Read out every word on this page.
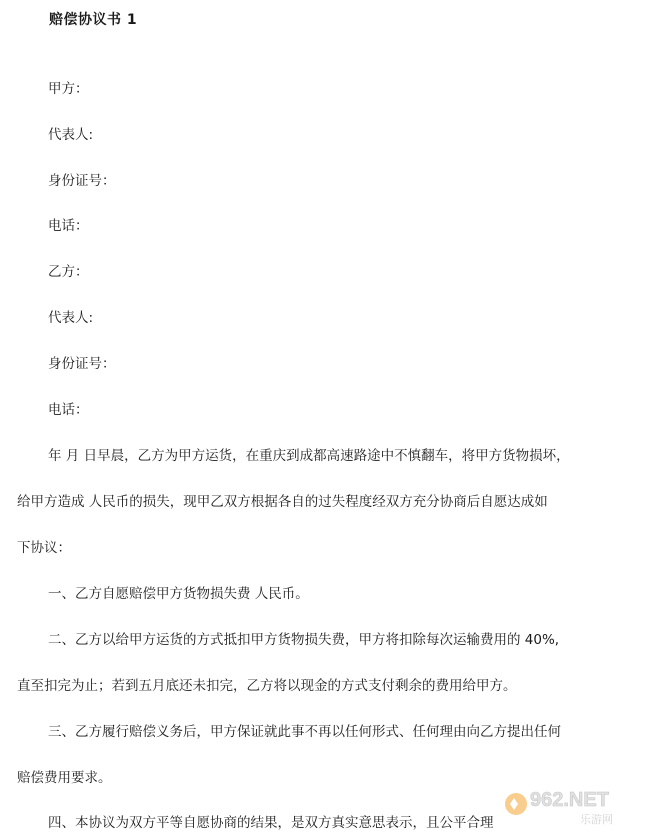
赔偿协议书 1
甲方：
代表人:
身份证号：
电话：
乙方：
代表人:
身份证号：
电话：
年 月 日早晨，乙方为甲方运货，在重庆到成都高速路途中不慎翻车，将甲方货物损坏，
给甲方造成 人民币的损失，现甲乙双方根据各自的过失程度经双方充分协商后自愿达成如
下协议：
一、乙方自愿赔偿甲方货物损失费 人民币。
二、乙方以给甲方运货的方式抵扣甲方货物损失费，甲方将扣除每次运输费用的 40%,
直至扣完为止；若到五月底还未扣完，乙方将以现金的方式支付剩余的费用给甲方。
三、乙方履行赔偿义务后，甲方保证就此事不再以任何形式、任何理由向乙方提出任何
赔偿费用要求。
四、本协议为双方平等自愿协商的结果，是双方真实意思表示，且公平合理
962.NET
乐游网
